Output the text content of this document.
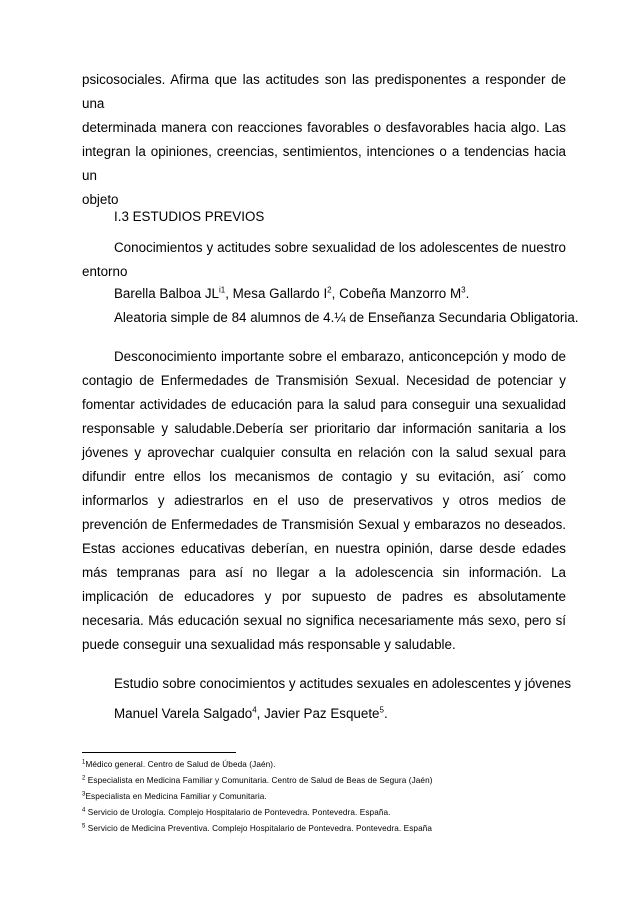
psicosociales. Afirma que las actitudes son las predisponentes a responder de una

determinada manera con reacciones favorables o desfavorables hacia algo. Las

integran la opiniones, creencias, sentimientos, intenciones o a tendencias hacia un

objeto

I.3 ESTUDIOS PREVIOS

Conocimientos y actitudes sobre sexualidad de los adolescentes de nuestro

entorno

Barella Balboa $JL^{i1}$, Mesa Gallardo $I^2$, Cobeña Manzorro $M^3$.
Aleatoria simple de 84 alumnos de 4.¼ de Enseñanza Secundaria Obligatoria.

Desconocimiento importante sobre el embarazo, anticoncepción y modo de contagio de Enfermedades de Transmisión Sexual. Necesidad de potenciar y fomentar actividades de educación para la salud para conseguir una sexualidad responsable y saludable.Debería ser prioritario dar información sanitaria a los jóvenes y aprovechar cualquier consulta en relación con la salud sexual para difundir entre ellos los mecanismos de contagio y su evitación, asi´ como informarlos y adiestrarlos en el uso de preservativos y otros medios de prevención de Enfermedades de Transmisión Sexual y embarazos no deseados. Estas acciones educativas deberían, en nuestra opinión, darse desde edades más tempranas para así no llegar a la adolescencia sin información. La implicación de educadores y por supuesto de padres es absolutamente necesaria. Más educación sexual no significa necesariamente más sexo, pero sí puede conseguir una sexualidad más responsable y saludable.

Estudio sobre conocimientos y actitudes sexuales en adolescentes y jóvenes
Manuel Varela Salgado$^4$, Javier Paz Esquete$^5$.
$^1$Médico general. Centro de Salud de Úbeda (Jaén).
$^2$ Especialista en Medicina Familiar y Comunitaria. Centro de Salud de Beas de Segura (Jaén)
$^3$Especialista en Medicina Familiar y Comunitaria.
$^4$ Servicio de Urología. Complejo Hospitalario de Pontevedra. Pontevedra. España.
$^5$ Servicio de Medicina Preventiva. Complejo Hospitalario de Pontevedra. Pontevedra. España
